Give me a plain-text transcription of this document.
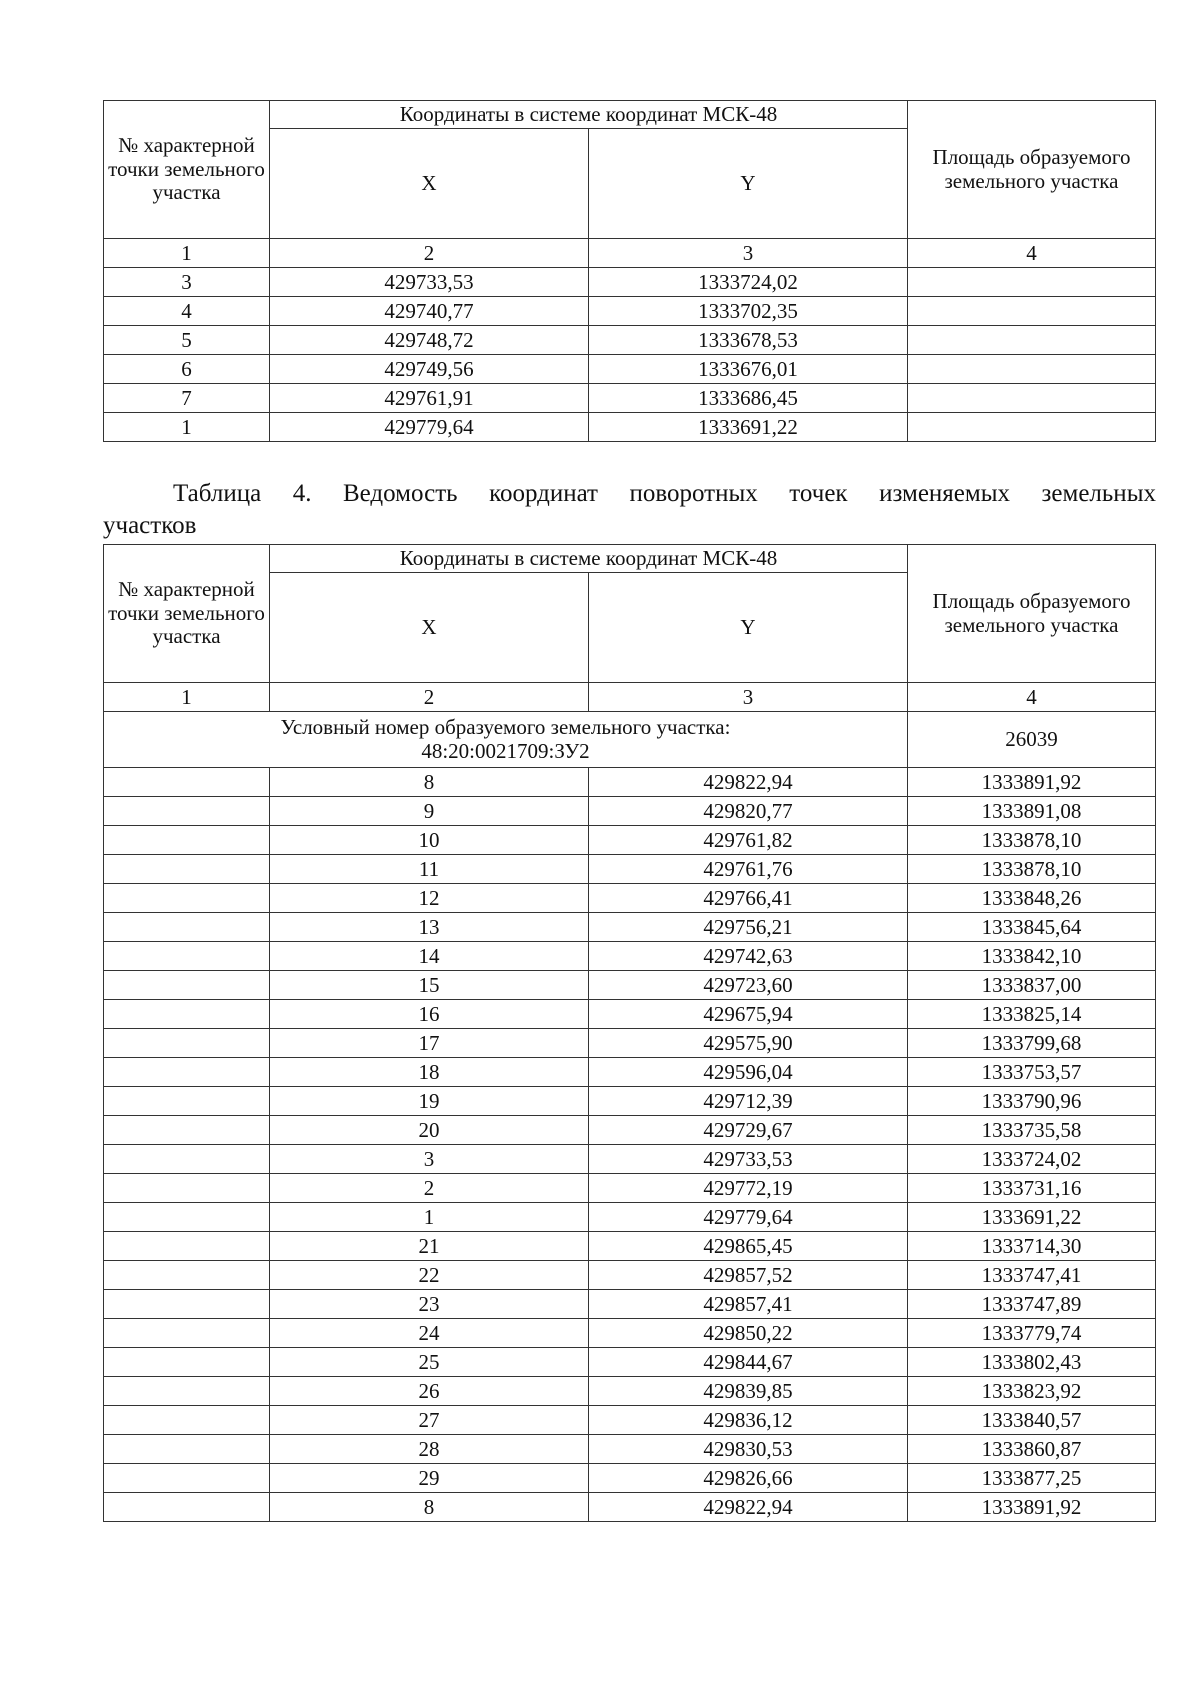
№ характерной точки земельного участка	Координаты в системе координат МСК-48		Площадь образуемого земельного участка
	X	Y	
1	2	3	4
3	429733,53	1333724,02	
4	429740,77	1333702,35	
5	429748,72	1333678,53	
6	429749,56	1333676,01	
7	429761,91	1333686,45	
1	429779,64	1333691,22	
Таблица 4. Ведомость координат поворотных точек изменяемых земельных
участков
№ характерной точки земельного участка	Координаты в системе координат МСК-48		Площадь образуемого земельного участка
	X	Y	
1	2	3	4
Условный номер образуемого земельного участка:
48:20:0021709:ЗУ2			26039
	8	429822,94	1333891,92
	9	429820,77	1333891,08
	10	429761,82	1333878,10
	11	429761,76	1333878,10
	12	429766,41	1333848,26
	13	429756,21	1333845,64
	14	429742,63	1333842,10
	15	429723,60	1333837,00
	16	429675,94	1333825,14
	17	429575,90	1333799,68
	18	429596,04	1333753,57
	19	429712,39	1333790,96
	20	429729,67	1333735,58
	3	429733,53	1333724,02
	2	429772,19	1333731,16
	1	429779,64	1333691,22
	21	429865,45	1333714,30
	22	429857,52	1333747,41
	23	429857,41	1333747,89
	24	429850,22	1333779,74
	25	429844,67	1333802,43
	26	429839,85	1333823,92
	27	429836,12	1333840,57
	28	429830,53	1333860,87
	29	429826,66	1333877,25
	8	429822,94	1333891,92
